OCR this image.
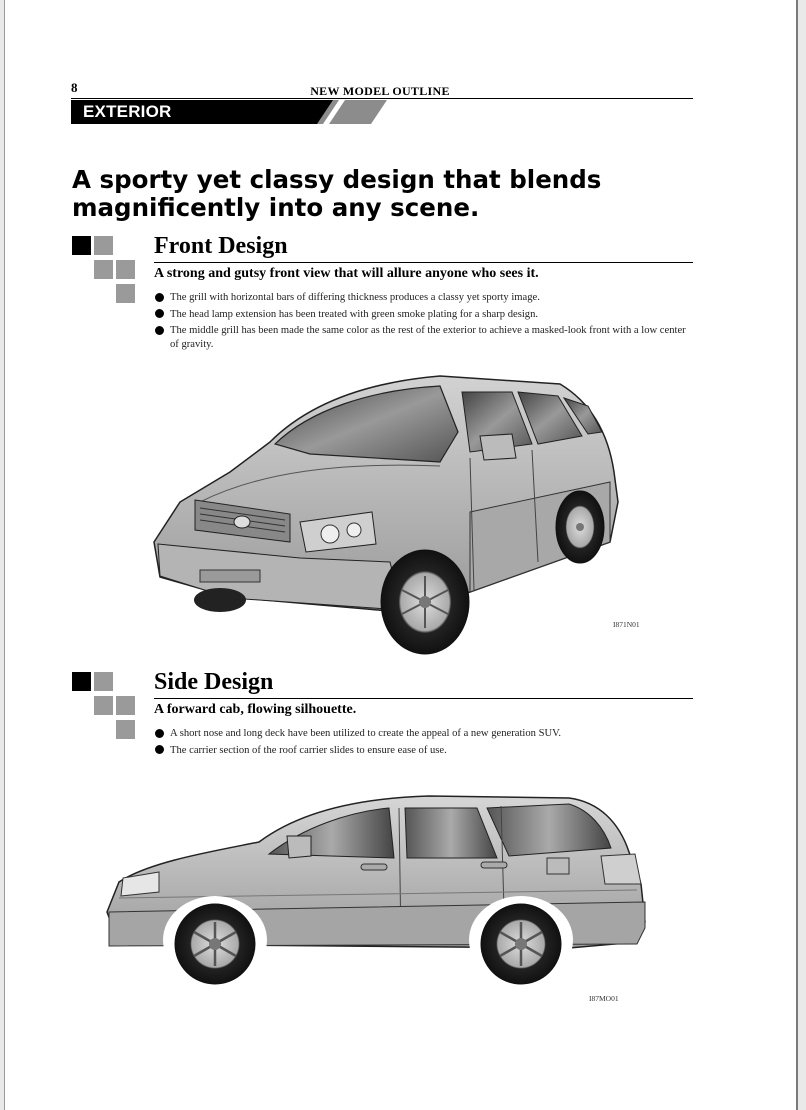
8	NEW MODEL OUTLINE
EXTERIOR
A sporty yet classy design that blends
magnificently into any scene.
Front Design
A strong and gutsy front view that will allure anyone who sees it.
The grill with horizontal bars of differing thickness produces a classy yet sporty image.
The head lamp extension has been treated with green smoke plating for a sharp design.
The middle grill has been made the same color as the rest of the exterior to achieve a masked-look front with a low center of gravity.
I871N01
Side Design
A forward cab, flowing silhouette.
A short nose and long deck have been utilized to create the appeal of a new generation SUV.
The carrier section of the roof carrier slides to ensure ease of use.
I87MO01
